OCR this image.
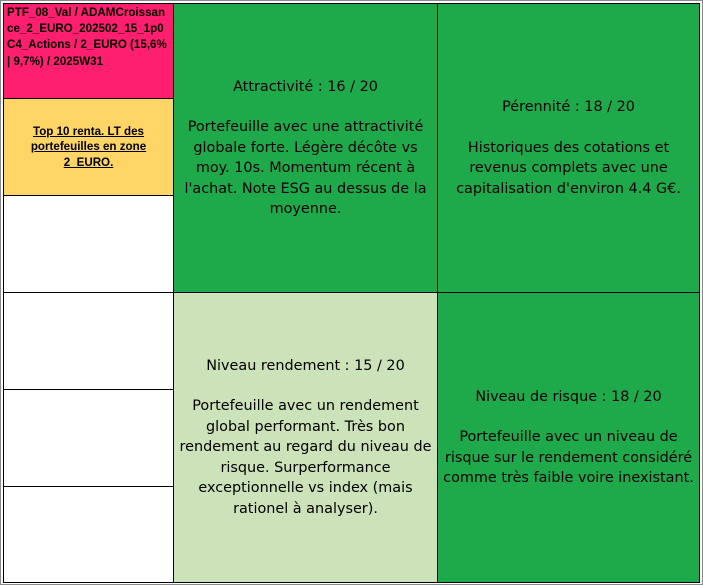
PTF_08_Val / ADAMCroissance_2_EURO_202502_15_1p0 C4_Actions / 2_EURO (15,6% | 9,7%) / 2025W31
Top 10 renta. LT des portefeuilles en zone 2_EURO.
Attractivité : 16 / 20
Portefeuille avec une attractivité globale forte. Légère décôte vs moy. 10s. Momentum récent à l'achat. Note ESG au dessus de la moyenne.
Pérennité : 18 / 20
Historiques des cotations et revenus complets avec une capitalisation d'environ 4.4 G€.
Niveau rendement : 15 / 20
Portefeuille avec un rendement global performant. Très bon rendement au regard du niveau de risque. Surperformance exceptionnelle vs index (mais rationel à analyser).
Niveau de risque : 18 / 20
Portefeuille avec un niveau de risque sur le rendement considéré comme très faible voire inexistant.
